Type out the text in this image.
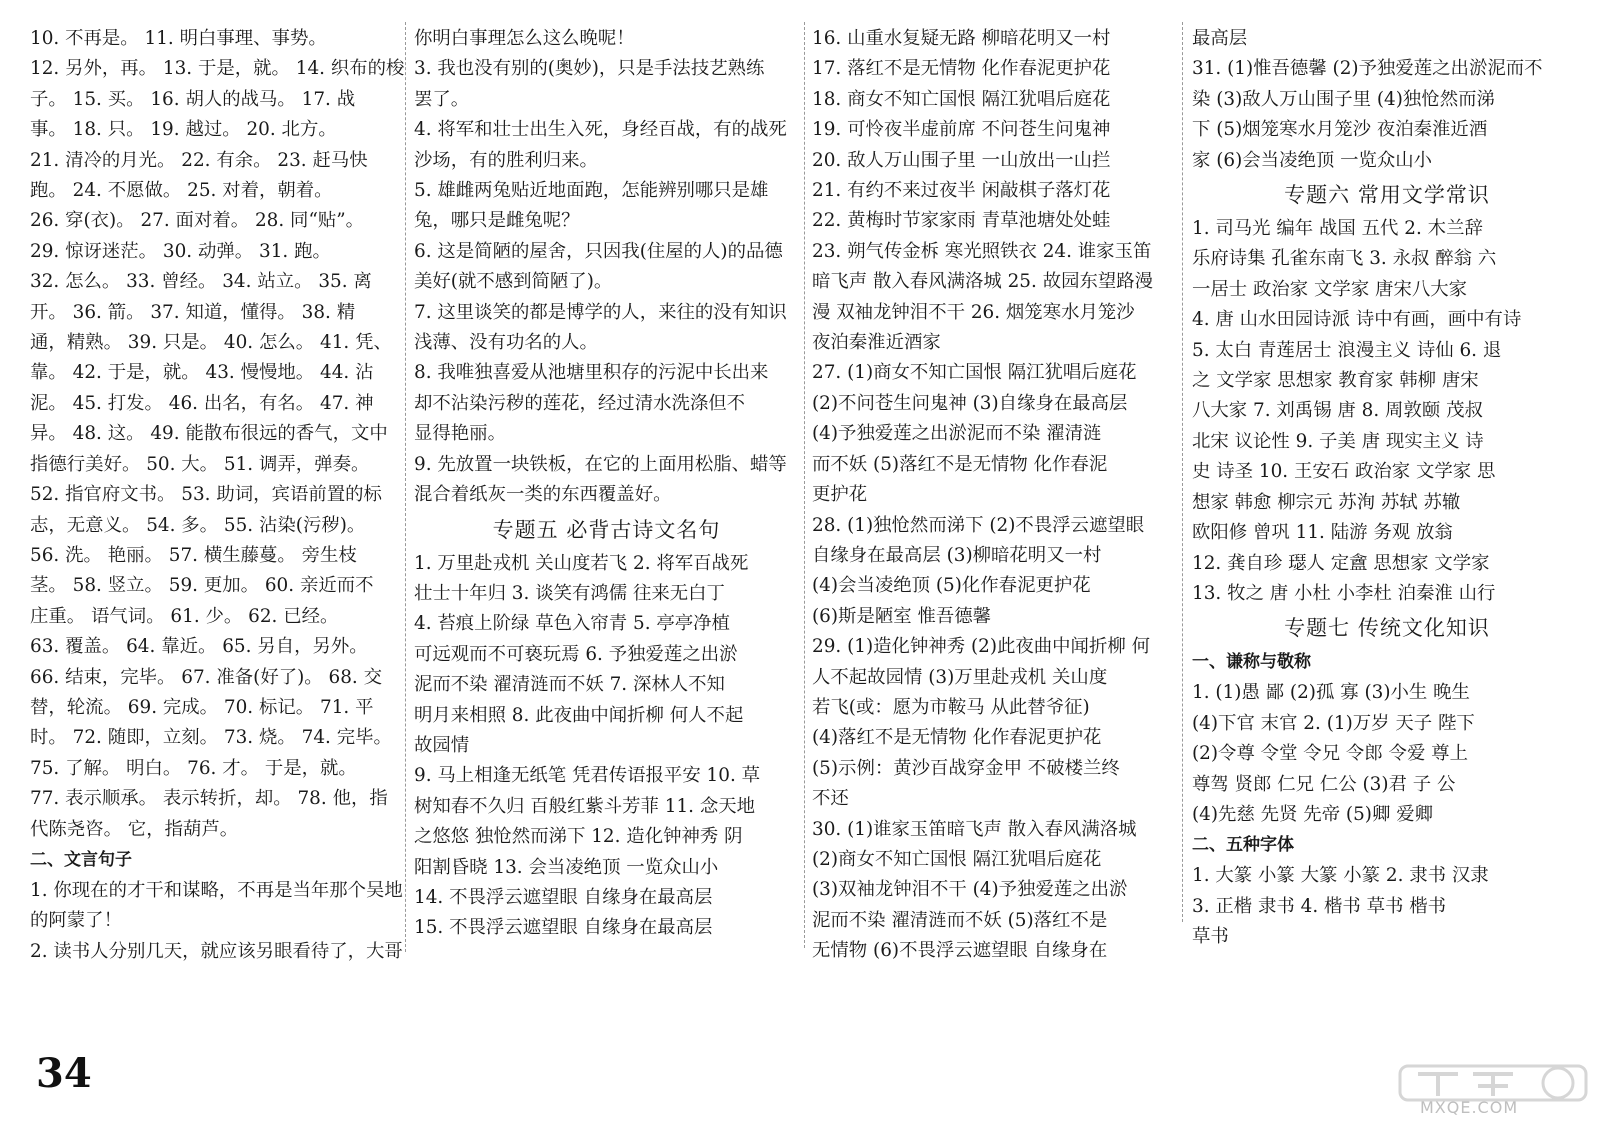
10. 不再是。 11. 明白事理、事势。
12. 另外，再。 13. 于是，就。 14. 织布的梭
子。 15. 买。 16. 胡人的战马。 17. 战
事。 18. 只。 19. 越过。 20. 北方。
21. 清冷的月光。 22. 有余。 23. 赶马快
跑。 24. 不愿做。 25. 对着，朝着。
26. 穿(衣)。 27. 面对着。 28. 同“贴”。
29. 惊讶迷茫。 30. 动弹。 31. 跑。
32. 怎么。 33. 曾经。 34. 站立。 35. 离
开。 36. 箭。 37. 知道，懂得。 38. 精
通，精熟。 39. 只是。 40. 怎么。 41. 凭、
靠。 42. 于是，就。 43. 慢慢地。 44. 沾
泥。 45. 打发。 46. 出名，有名。 47. 神
异。 48. 这。 49. 能散布很远的香气，文中
指德行美好。 50. 大。 51. 调弄，弹奏。
52. 指官府文书。 53. 助词，宾语前置的标
志，无意义。 54. 多。 55. 沾染(污秽)。
56. 洗。 艳丽。 57. 横生藤蔓。 旁生枝
茎。 58. 竖立。 59. 更加。 60. 亲近而不
庄重。 语气词。 61. 少。 62. 已经。
63. 覆盖。 64. 靠近。 65. 另自，另外。
66. 结束，完毕。 67. 准备(好了)。 68. 交
替，轮流。 69. 完成。 70. 标记。 71. 平
时。 72. 随即，立刻。 73. 烧。 74. 完毕。
75. 了解。 明白。 76. 才。 于是，就。
77. 表示顺承。 表示转折，却。 78. 他，指
代陈尧咨。 它，指葫芦。
二、文言句子
1. 你现在的才干和谋略，不再是当年那个吴地
的阿蒙了！
2. 读书人分别几天，就应该另眼看待了，大哥
你明白事理怎么这么晚呢！
3. 我也没有别的(奥妙)，只是手法技艺熟练
罢了。
4. 将军和壮士出生入死，身经百战，有的战死
沙场，有的胜利归来。
5. 雄雌两兔贴近地面跑，怎能辨别哪只是雄
兔，哪只是雌兔呢？
6. 这是简陋的屋舍，只因我(住屋的人)的品德
美好(就不感到简陋了)。
7. 这里谈笑的都是博学的人，来往的没有知识
浅薄、没有功名的人。
8. 我唯独喜爱从池塘里积存的污泥中长出来
却不沾染污秽的莲花，经过清水洗涤但不
显得艳丽。
9. 先放置一块铁板，在它的上面用松脂、蜡等
混合着纸灰一类的东西覆盖好。
专题五 必背古诗文名句
1. 万里赴戎机 关山度若飞 2. 将军百战死
壮士十年归 3. 谈笑有鸿儒 往来无白丁
4. 苔痕上阶绿 草色入帘青 5. 亭亭净植
可远观而不可亵玩焉 6. 予独爱莲之出淤
泥而不染 濯清涟而不妖 7. 深林人不知
明月来相照 8. 此夜曲中闻折柳 何人不起
故园情
9. 马上相逢无纸笔 凭君传语报平安 10. 草
树知春不久归 百般红紫斗芳菲 11. 念天地
之悠悠 独怆然而涕下 12. 造化钟神秀 阴
阳割昏晓 13. 会当凌绝顶 一览众山小
14. 不畏浮云遮望眼 自缘身在最高层
15. 不畏浮云遮望眼 自缘身在最高层
16. 山重水复疑无路 柳暗花明又一村
17. 落红不是无情物 化作春泥更护花
18. 商女不知亡国恨 隔江犹唱后庭花
19. 可怜夜半虚前席 不问苍生问鬼神
20. 敌人万山围子里 一山放出一山拦
21. 有约不来过夜半 闲敲棋子落灯花
22. 黄梅时节家家雨 青草池塘处处蛙
23. 朔气传金柝 寒光照铁衣 24. 谁家玉笛
暗飞声 散入春风满洛城 25. 故园东望路漫
漫 双袖龙钟泪不干 26. 烟笼寒水月笼沙
夜泊秦淮近酒家
27. (1)商女不知亡国恨 隔江犹唱后庭花
(2)不问苍生问鬼神 (3)自缘身在最高层
(4)予独爱莲之出淤泥而不染 濯清涟
而不妖 (5)落红不是无情物 化作春泥
更护花
28. (1)独怆然而涕下 (2)不畏浮云遮望眼
自缘身在最高层 (3)柳暗花明又一村
(4)会当凌绝顶 (5)化作春泥更护花
(6)斯是陋室 惟吾德馨
29. (1)造化钟神秀 (2)此夜曲中闻折柳 何
人不起故园情 (3)万里赴戎机 关山度
若飞(或：愿为市鞍马 从此替爷征)
(4)落红不是无情物 化作春泥更护花
(5)示例：黄沙百战穿金甲 不破楼兰终
不还
30. (1)谁家玉笛暗飞声 散入春风满洛城
(2)商女不知亡国恨 隔江犹唱后庭花
(3)双袖龙钟泪不干 (4)予独爱莲之出淤
泥而不染 濯清涟而不妖 (5)落红不是
无情物 (6)不畏浮云遮望眼 自缘身在
最高层
31. (1)惟吾德馨 (2)予独爱莲之出淤泥而不
染 (3)敌人万山围子里 (4)独怆然而涕
下 (5)烟笼寒水月笼沙 夜泊秦淮近酒
家 (6)会当凌绝顶 一览众山小
专题六 常用文学常识
1. 司马光 编年 战国 五代 2. 木兰辞
乐府诗集 孔雀东南飞 3. 永叔 醉翁 六
一居士 政治家 文学家 唐宋八大家
4. 唐 山水田园诗派 诗中有画，画中有诗
5. 太白 青莲居士 浪漫主义 诗仙 6. 退
之 文学家 思想家 教育家 韩柳 唐宋
八大家 7. 刘禹锡 唐 8. 周敦颐 茂叔
北宋 议论性 9. 子美 唐 现实主义 诗
史 诗圣 10. 王安石 政治家 文学家 思
想家 韩愈 柳宗元 苏洵 苏轼 苏辙
欧阳修 曾巩 11. 陆游 务观 放翁
12. 龚自珍 璱人 定盦 思想家 文学家
13. 牧之 唐 小杜 小李杜 泊秦淮 山行
专题七 传统文化知识
一、谦称与敬称
1. (1)愚 鄙 (2)孤 寡 (3)小生 晚生
(4)下官 末官 2. (1)万岁 天子 陛下
(2)令尊 令堂 令兄 令郎 令爱 尊上
尊驾 贤郎 仁兄 仁公 (3)君 子 公
(4)先慈 先贤 先帝 (5)卿 爱卿
二、五种字体
1. 大篆 小篆 大篆 小篆 2. 隶书 汉隶
3. 正楷 隶书 4. 楷书 草书 楷书
草书
34
MXQE.COM
